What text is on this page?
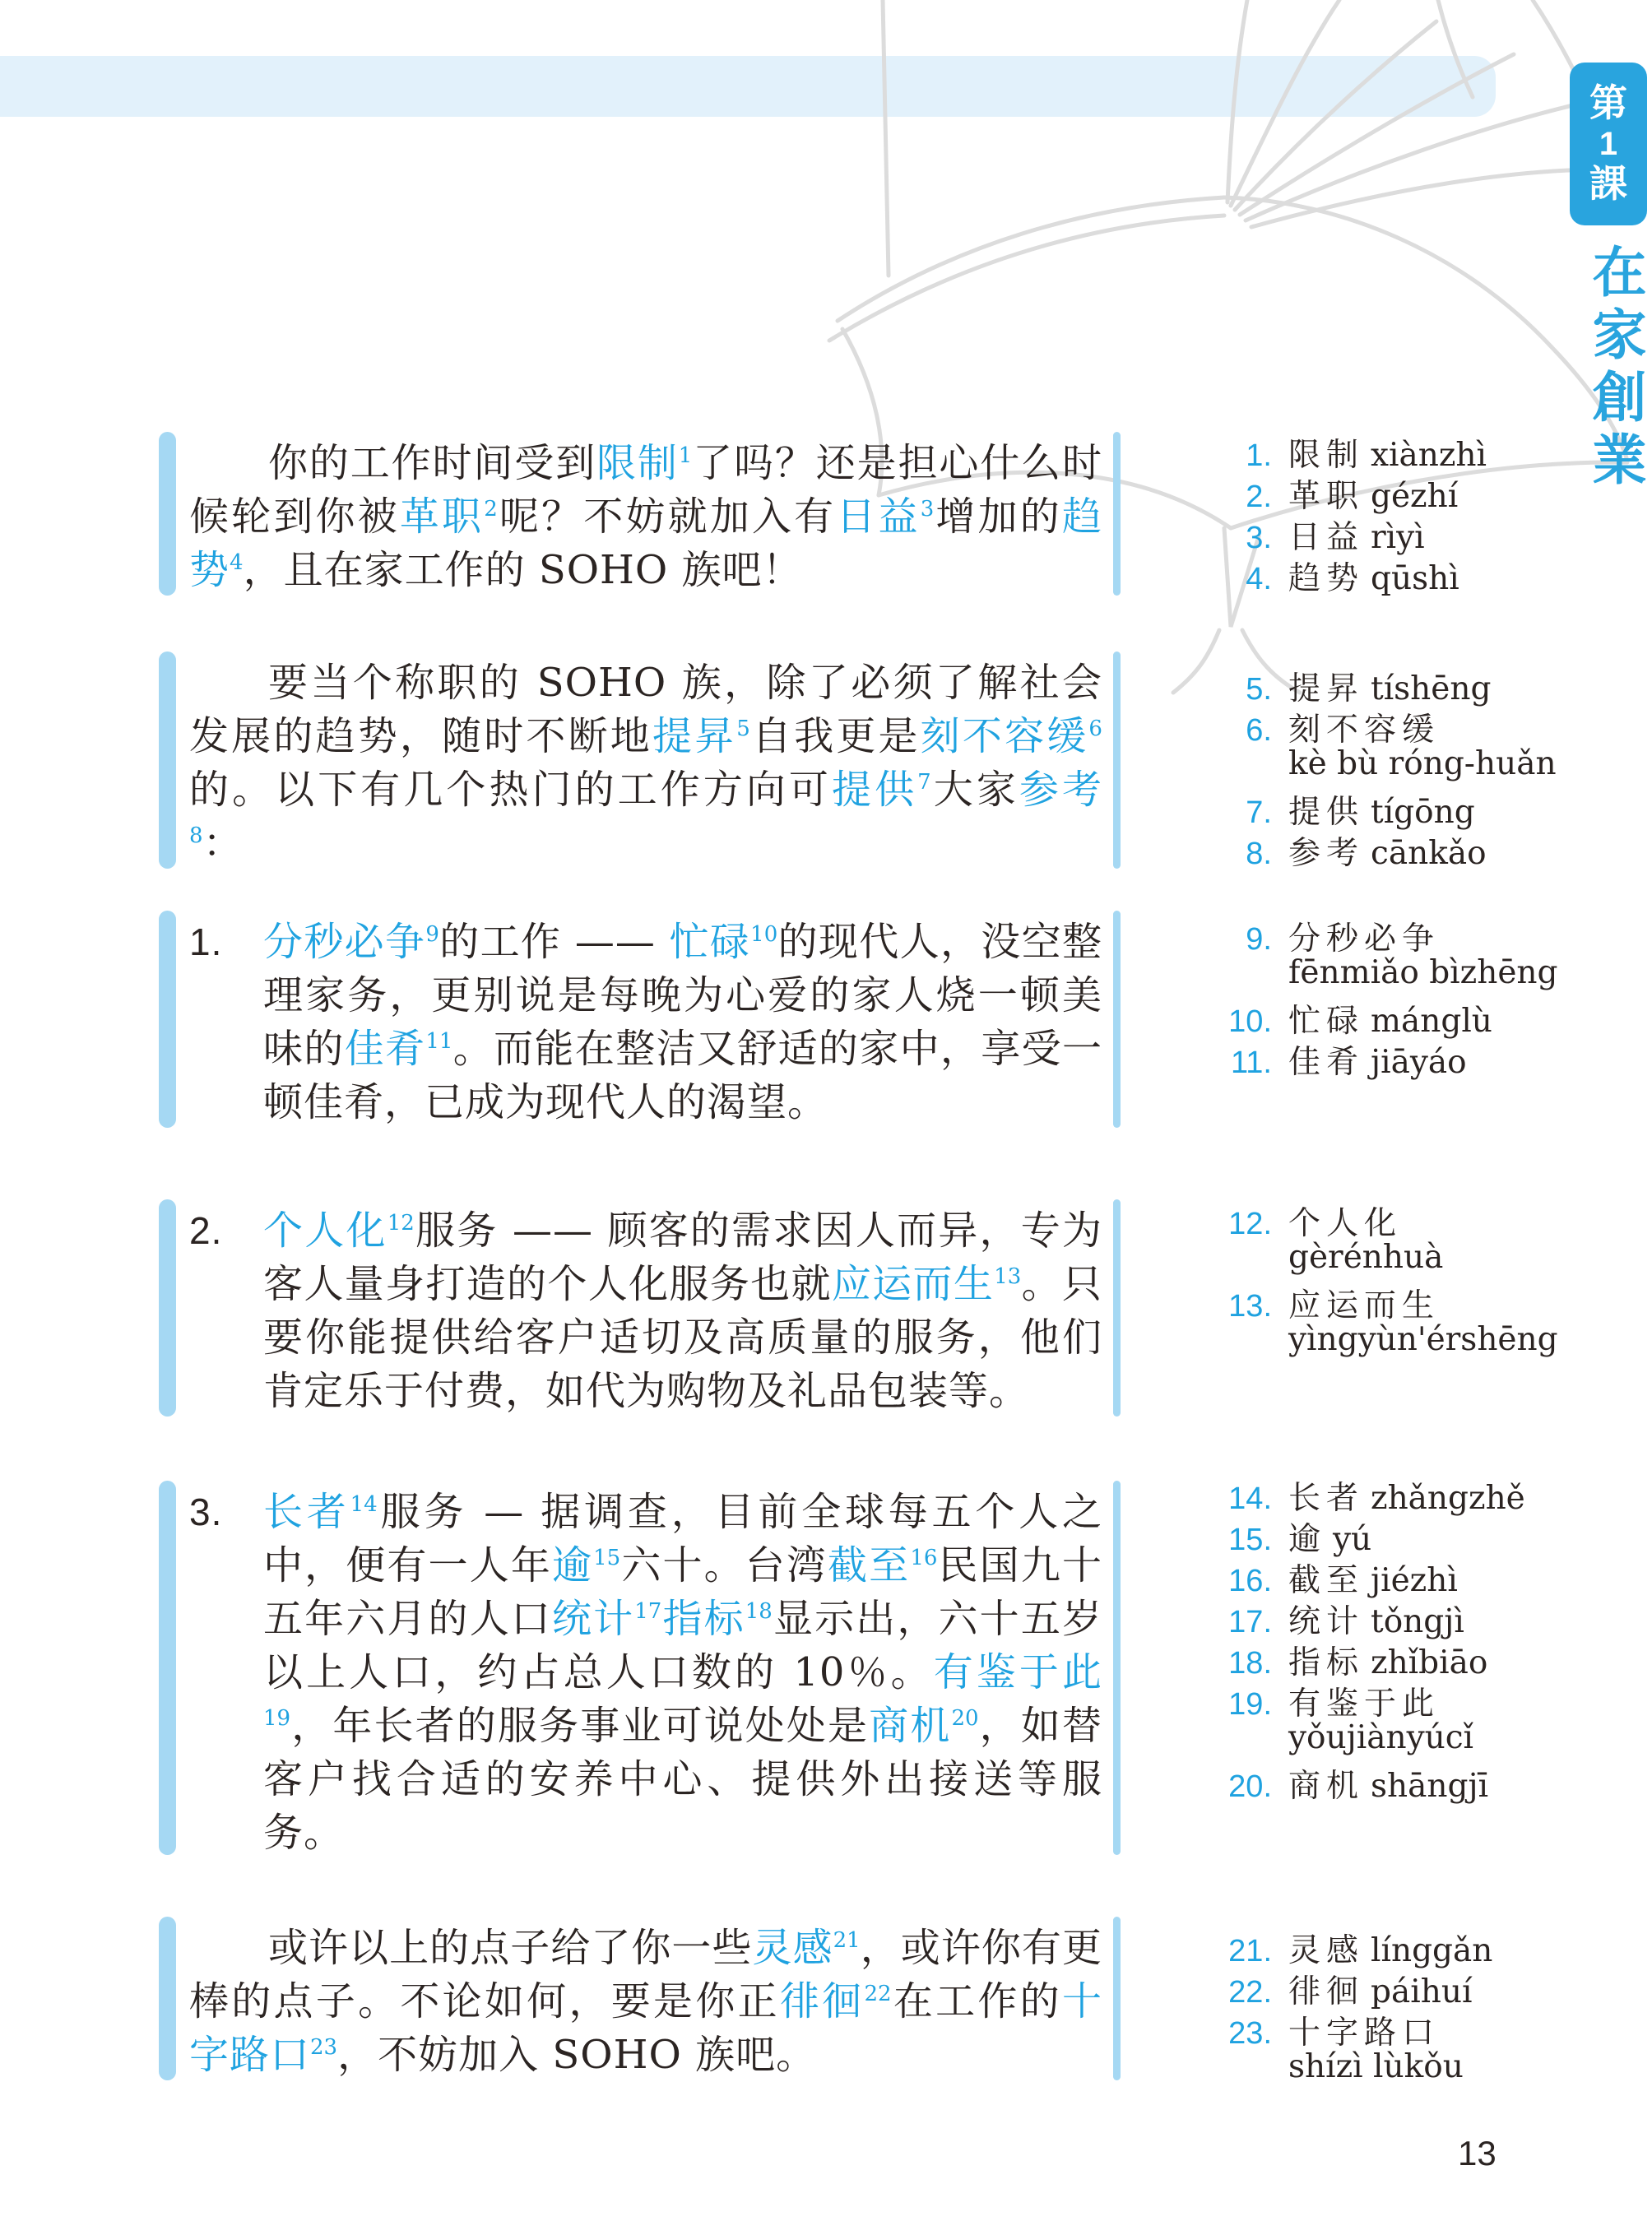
第
1
課
在家創業
你的工作时间受到限制$^1$了吗？还是担心什么时候轮到你被革职$^2$呢？不妨就加入有日益$^3$增加的趋势$^4$，且在家工作的 SOHO 族吧！
要当个称职的 SOHO 族，除了必须了解社会发展的趋势，随时不断地提昇$^5$自我更是刻不容缓$^6$的。以下有几个热门的工作方向可提供$^7$大家参考$^8$：
1.	分秒必争$^9$的工作 —— 忙碌$^{10}$的现代人，没空整理家务，更别说是每晚为心爱的家人烧一顿美味的佳肴$^{11}$。而能在整洁又舒适的家中，享受一顿佳肴，已成为现代人的渴望。
2.	个人化$^{12}$服务 —— 顾客的需求因人而异，专为客人量身打造的个人化服务也就应运而生$^{13}$。只要你能提供给客户适切及高质量的服务，他们肯定乐于付费，如代为购物及礼品包装等。
3.	长者$^{14}$服务 — 据调查，目前全球每五个人之中，便有一人年逾$^{15}$六十。台湾截至$^{16}$民国九十五年六月的人口统计$^{17}$指标$^{18}$显示出，六十五岁以上人口，约占总人口数的 10％。有鉴于此$^{19}$，年长者的服务事业可说处处是商机$^{20}$，如替客户找合适的安养中心、提供外出接送等服务。
或许以上的点子给了你一些灵感$^{21}$，或许你有更棒的点子。不论如何，要是你正徘徊$^{22}$在工作的十字路口$^{23}$，不妨加入 SOHO 族吧。
1. 限制 xiànzhì
2. 革职 gézhí
3. 日益 rìyì
4. 趋势 qūshì
5. 提昇 tíshēng
6. 刻不容缓
kè bù róng-huǎn
7. 提供 tígōng
8. 参考 cānkǎo
9. 分秒必争
fēnmiǎo bìzhēng
10. 忙碌 mánglù
11. 佳肴 jiāyáo
12. 个人化
gèrénhuà
13. 应运而生
yìngyùn'érshēng
14. 长者 zhǎngzhě
15. 逾 yú
16. 截至 jiézhì
17. 统计 tǒngjì
18. 指标 zhǐbiāo
19. 有鉴于此
yǒujiànyúcǐ
20. 商机 shāngjī
21. 灵感 línggǎn
22. 徘徊 páihuí
23. 十字路口
shízì lùkǒu
13
